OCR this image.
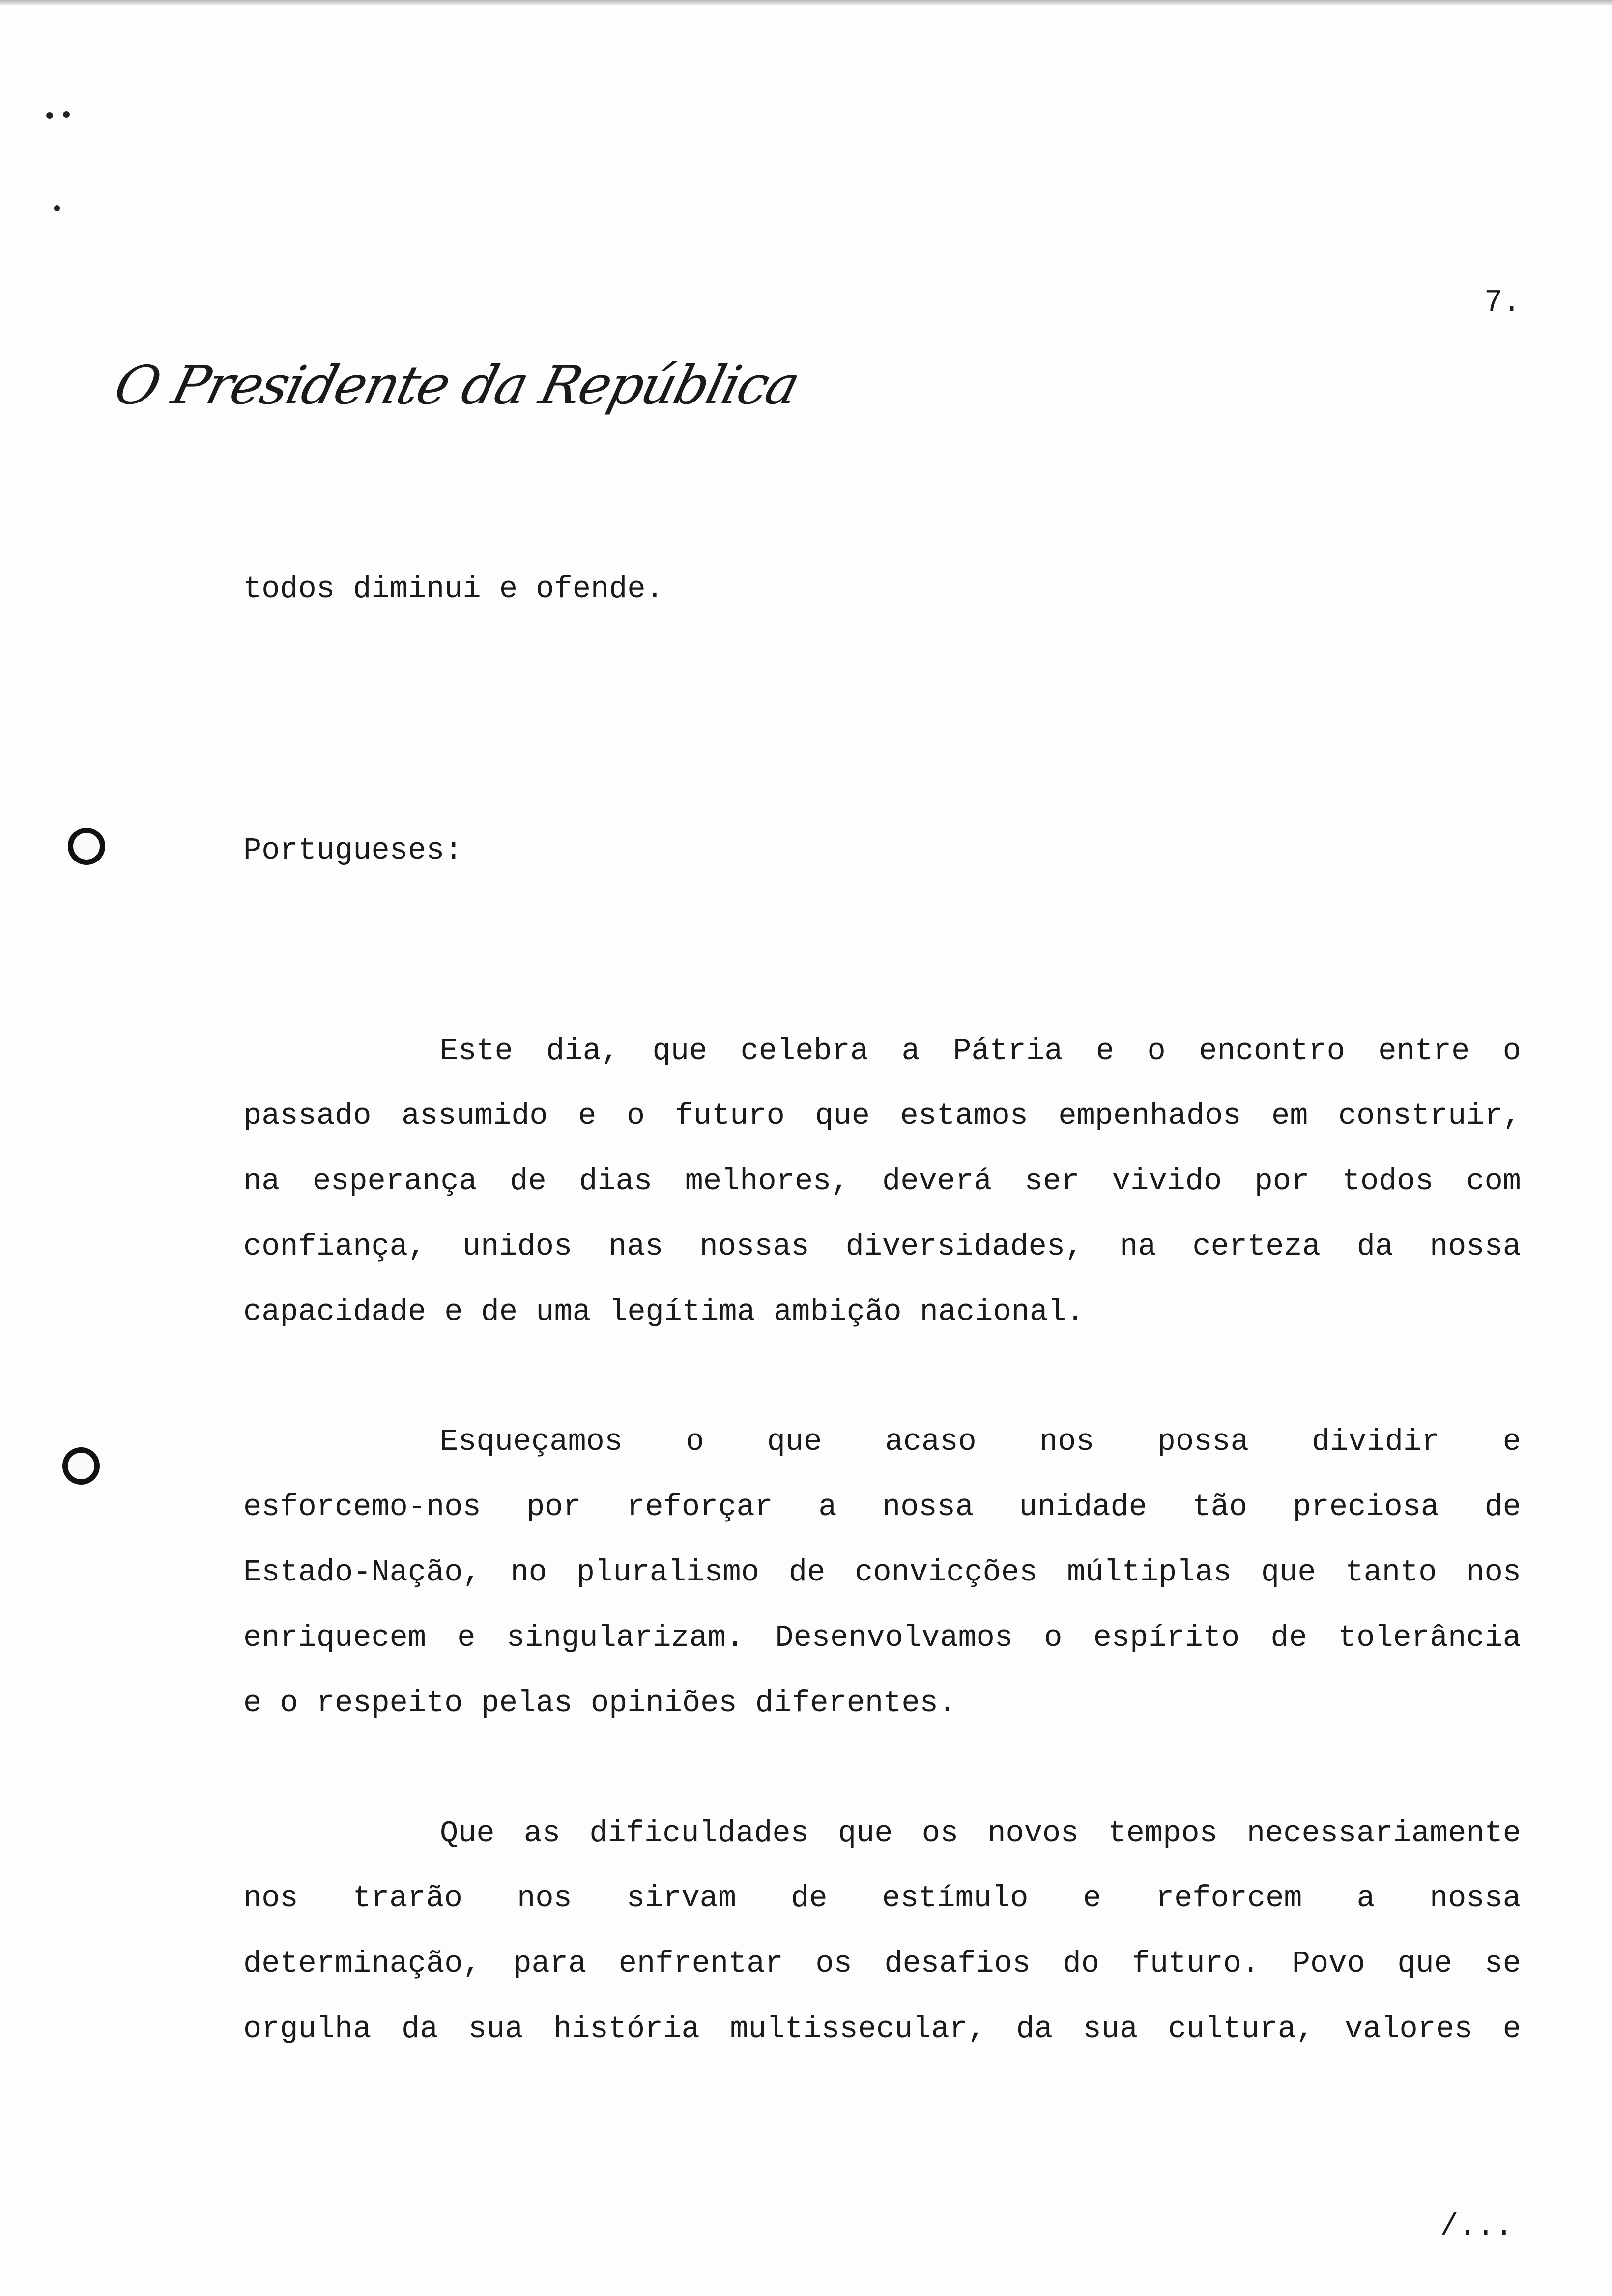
7.
O Presidente da República
todos diminui e ofende.
Portugueses:
Este dia, que celebra a Pátria e o encontro entre o
passado assumido e o futuro que estamos empenhados em construir,
na esperança de dias melhores, deverá ser vivido por todos com
confiança, unidos nas nossas diversidades, na certeza da nossa
capacidade e de uma legítima ambição nacional.
Esqueçamos o que acaso nos possa dividir e
esforcemo-nos por reforçar a nossa unidade tão preciosa de
Estado-Nação, no pluralismo de convicções múltiplas que tanto nos
enriquecem e singularizam. Desenvolvamos o espírito de tolerância
e o respeito pelas opiniões diferentes.
Que as dificuldades que os novos tempos necessariamente
nos trarão nos sirvam de estímulo e reforcem a nossa
determinação, para enfrentar os desafios do futuro. Povo que se
orgulha da sua história multissecular, da sua cultura, valores e
/...
